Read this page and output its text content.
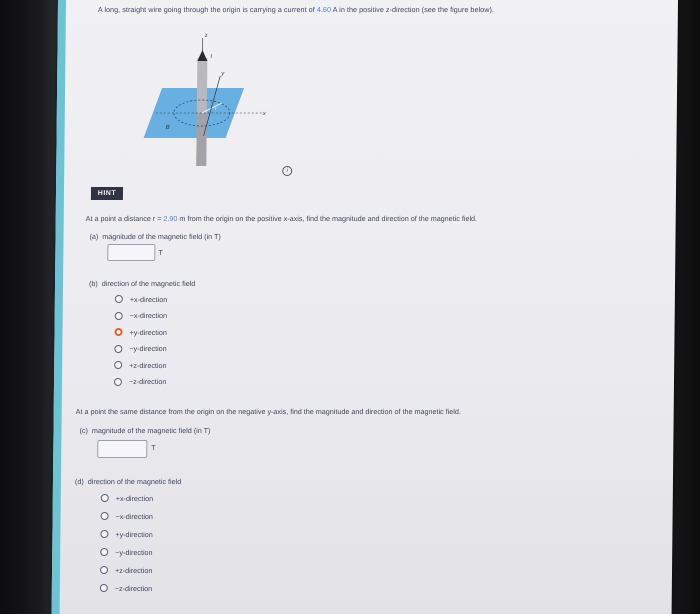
A long, straight wire going through the origin is carrying a current of 4.60 A in the positive z-direction (see the figure below).
z
I
y
x
r
B
i
HINT
At a point a distance r = 2.90 m from the origin on the positive x-axis, find the magnitude and direction of the magnetic field.
(a) magnitude of the magnetic field (in T)
T
(b) direction of the magnetic field
+x-direction
−x-direction
+y-direction
−y-direction
+z-direction
−z-direction
At a point the same distance from the origin on the negative y-axis, find the magnitude and direction of the magnetic field.
(c) magnitude of the magnetic field (in T)
T
(d) direction of the magnetic field
+x-direction
−x-direction
+y-direction
−y-direction
+z-direction
−z-direction
